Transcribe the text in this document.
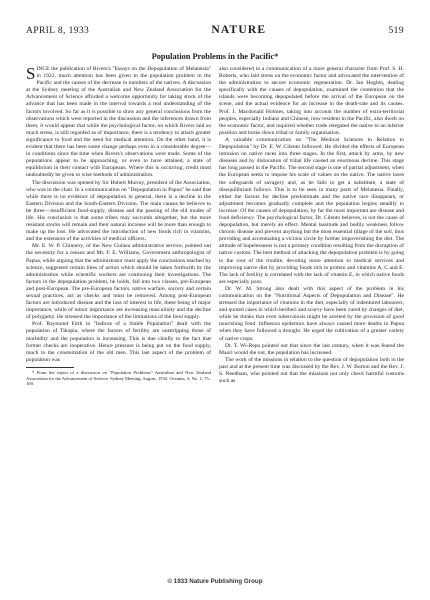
APRIL 8, 1933	NATURE	519
Population Problems in the Pacific*

SINCE the publication of Rivers's "Essays on the Depopulation of Melanesia" in 1922, much attention has been given to the population problem in the Pacific and the causes of the decrease in numbers of the natives. A discussion at the Sydney meeting of the Australian and New Zealand Association for the Advancement of Science afforded a welcome opportunity for taking stock of the advance that has been made in the interval towards a real understanding of the factors involved. So far as it is possible to draw any general conclusions from the observations which were reported in the discussion and the inferences drawn from them, it would appear that while the psychological factor, on which Rivers laid so much stress, is still regarded as of importance, there is a tendency to attach greater significance to food and the need for medical attention. On the other hand, it is evident that there has been some change perhaps even in a considerable degree—in conditions since the time when Rivers's observations were made. Some of the populations appear to be approaching, or even to have attained, a state of equilibrium in their contact with Europeans. Where this is occurring, credit must undoubtedly be given to wise methods of administration.

The discussion was opened by Sir Hubert Murray, president of the Association, who was in the chair. In a communication on "Depopulation in Papua" he said that while there is no evidence of depopulation in general, there is a decline in the Eastern Division and the South-Eastern Division. The main causes he believes to be three—insufficient food-supply, disease and the passing of the old modes of life. His conclusion is that some tribes may succumb altogether, but the more resistant stocks will remain and their natural increase will be more than enough to make up the loss. He advocated the introduction of new foods rich in vitamins, and the extension of the activities of medical officers.

Mr. E. W. P. Chinnery, of the New Guinea administrative service, pointed out the necessity for a census and Mr. F. E. Williams, Government anthropologist of Papua, while arguing that the administrator must apply the conclusions reached by science, suggested certain lines of action which should be taken forthwith by the administration while scientific workers are continuing their investigations. The factors in the depopulation problem, he holds, fall into two classes, pre-European and post-European. The pre-European factors, native warfare, sorcery and certain sexual practices, act as checks and must be removed. Among post-European factors are introduced disease and the loss of interest in life, these being of major importance, while of minor importance are increasing masculinity and the decline of polygamy. He stressed the importance of the limitations of the food supply.

Prof. Raymond Firth in "Indices of a Stable Population" dealt with the population of Tikopia, where the factors of fertility are outstripping those of morbidity and the population is increasing. This is due chiefly to the fact that former checks are inoperative. Hence pressure is being put on the food supply, much to the consternation of the old men. This last aspect of the problem of population was

* From the report of a discussion on "Population Problems" Australian and New Zealand Association for the Advancement of Science, Sydney Meeting, August, 1932. Oceania, 3, No. 1; 75–100.

also considered in a communication of a more general character from Prof. S. H. Roberts, who laid stress on the economic factor and advocated the intervention of the administration to secure economic regeneration. Dr. Ian Hogbin, dealing specifically with the causes of depopulation, examined the contention that the islands were becoming depopulated before the arrival of the European on the scene, and the actual evidence for an increase in the death-rate and its causes. Prof. J. Macdonald Holmes, taking into account the number of extra-territorial peoples, especially Indians and Chinese, now resident in the Pacific, also dwelt on the economic factor, and inquired whether trade relegated the native to an inferior position and broke down tribal or family organisation.

A valuable communication on "The Medical Sciences in Relation to Depopulation" by Dr. E. W. Cilento followed. He divided the effects of European intrusion on native races into three stages. In the first, attack by arms, by new diseases and by dislocation of tribal life caused an enormous decline. This stage has long passed in the Pacific. The second stage is one of partial adjustment, when the European seeks to impose his scale of values on the native. The native loses the safeguards of savagery and, as he fails to get a substitute, a state of disequilibrium follows. This is to be seen in many parts of Melanesia. Finally, either the factors for decline predominate and the native race disappears, or adjustment becomes gradually complete and the population begins steadily to increase. Of the causes of depopulation, by far the most important are disease and food deficiency. The psychological factor, Dr. Cilento believes, is not the cause of depopulation, but merely an effect. Mental lassitude and bodily weakness follow chronic disease and prevent anything but the most essential tillage of the soil, thus providing and accentuating a vicious circle by further impoverishing the diet. The attitude of hopelessness is not a primary condition resulting from the disruption of native custom. The best method of attacking the depopulation problem is by going to the root of the trouble, devoting more attention to medical services and improving native diet by providing foods rich in protein and vitamins A, C and E. The lack of fertility is correlated with the lack of vitamin E, in which native foods are especially poor.

Dr. W. M. Strong also dealt with this aspect of the problem in his communication on the "Nutritional Aspects of Depopulation and Disease". He stressed the importance of vitamins in the diet, especially of indentured labourers, and quoted cases in which beriberi and scurvy have been cured by changes of diet, while he thinks that even tuberculosis might be averted by the provision of good nourishing food. Influenza epidemics have always caused more deaths in Papua when they have followed a drought. He urged the cultivation of a greater variety of native crops.

Dr. T. Wi-Repa pointed out that since the last century, when it was feared the Maori would die out, the population has increased.

The work of the missions in relation to the question of depopulation both in the past and at the present time was discussed by the Rev. J. W. Burton and the Rev. J. S. Needham, who pointed out that the missions not only check harmful customs such as

© 1933 Nature Publishing Group
